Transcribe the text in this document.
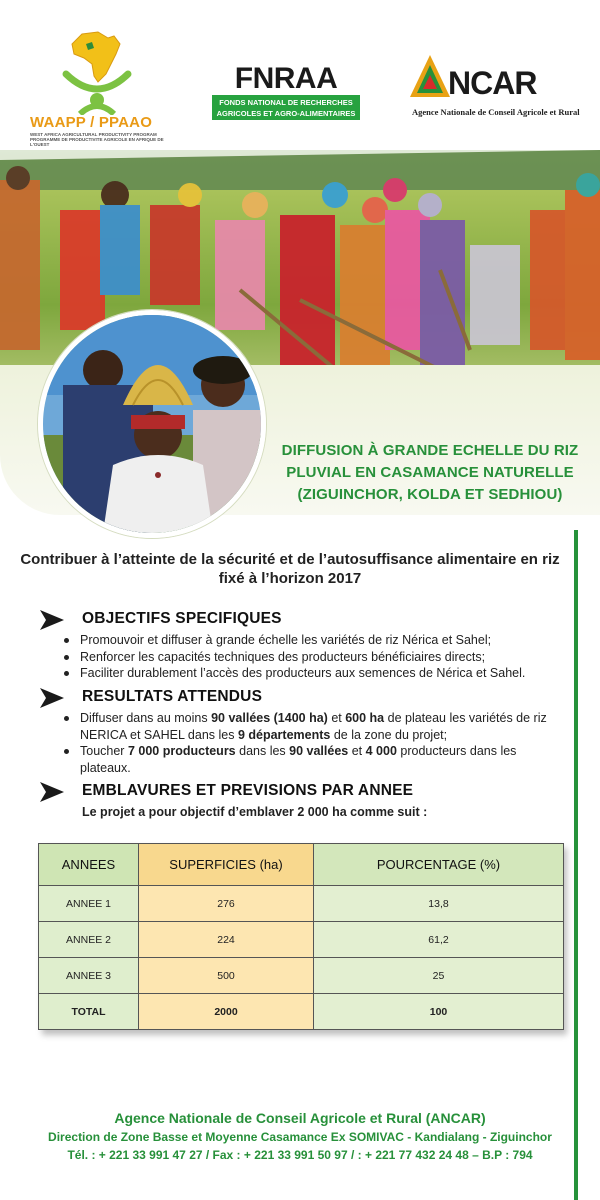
WAAPP / PPAAO
WEST AFRICA AGRICULTURAL PRODUCTIVITY PROGRAM
PROGRAMME DE PRODUCTIVITE AGRICOLE EN AFRIQUE DE L'OUEST
FNRAA
FONDS NATIONAL DE RECHERCHES AGRICOLES ET AGRO-ALIMENTAIRES
NCAR
Agence Nationale de Conseil Agricole et Rural
DIFFUSION À GRANDE ECHELLE DU RIZ PLUVIAL EN CASAMANCE NATURELLE (ZIGUINCHOR, KOLDA ET SEDHIOU)
Contribuer à l’atteinte de la sécurité et de l’autosuffisance alimentaire en riz fixé à l’horizon 2017
OBJECTIFS SPECIFIQUES
Promouvoir et diffuser à grande échelle les variétés de riz Nérica et Sahel;
Renforcer les capacités techniques des producteurs bénéficiaires directs;
Faciliter durablement l’accès des producteurs aux semences de Nérica et Sahel.
RESULTATS ATTENDUS
Diffuser dans au moins 90 vallées (1400 ha) et 600 ha de plateau les variétés de riz NERICA et SAHEL dans les 9 départements de la zone du projet;
Toucher 7 000 producteurs dans les 90 vallées et 4 000 producteurs dans les plateaux.
EMBLAVURES ET PREVISIONS PAR ANNEE
Le projet a pour objectif d’emblaver 2 000 ha comme suit :
ANNEES	SUPERFICIES (ha)	POURCENTAGE (%)
ANNEE 1	276	13,8
ANNEE 2	224	61,2
ANNEE 3	500	25
TOTAL	2000	100
Agence Nationale de Conseil Agricole et Rural (ANCAR)
Direction de Zone Basse et Moyenne Casamance Ex SOMIVAC - Kandialang - Ziguinchor
Tél. : + 221 33 991 47 27 / Fax : + 221 33 991 50 97 / : + 221 77 432 24 48 – B.P : 794
